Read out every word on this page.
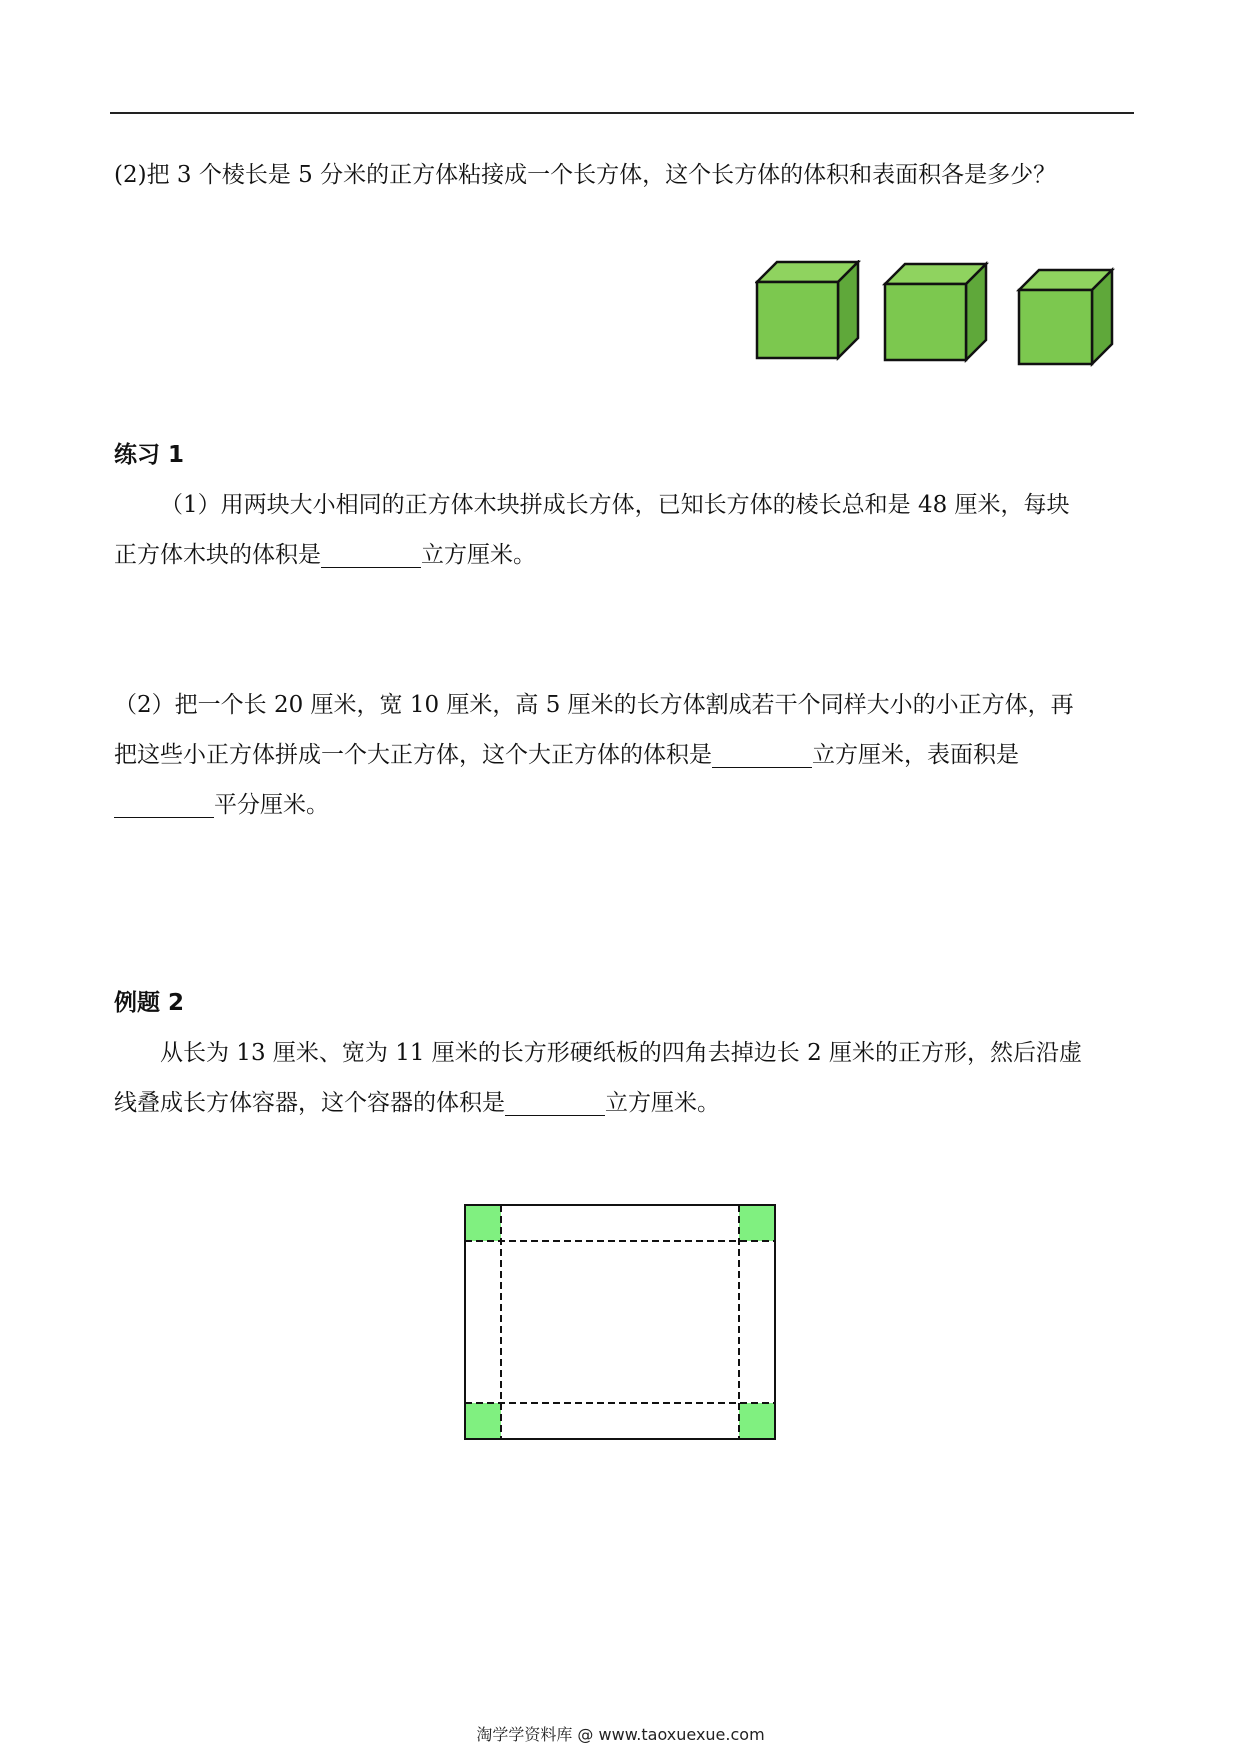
(2)把 3 个棱长是 5 分米的正方体粘接成一个长方体，这个长方体的体积和表面积各是多少？
练习 1
（1）用两块大小相同的正方体木块拼成长方体，已知长方体的棱长总和是 48 厘米，每块
正方体木块的体积是	立方厘米。
（2）把一个长 20 厘米，宽 10 厘米，高 5 厘米的长方体割成若干个同样大小的小正方体，再
把这些小正方体拼成一个大正方体，这个大正方体的体积是	立方厘米，表面积是
平分厘米。
例题 2
从长为 13 厘米、宽为 11 厘米的长方形硬纸板的四角去掉边长 2 厘米的正方形，然后沿虚
线叠成长方体容器，这个容器的体积是	立方厘米。
淘学学资料库 @ www.taoxuexue.com
